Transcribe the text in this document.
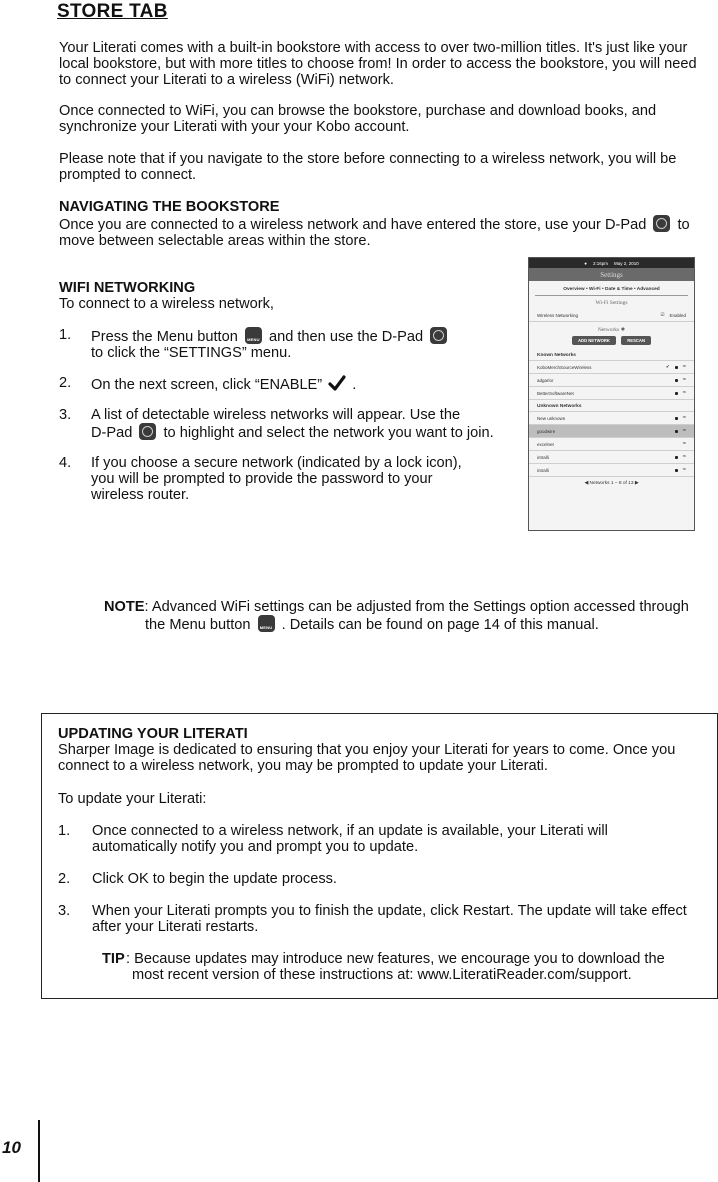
STORE TAB

Your Literati comes with a built-in bookstore with access to over two-million titles. It's just like your local bookstore, but with more titles to choose from! In order to access the bookstore, you will need to connect your Literati to a wireless (WiFi) network.

Once connected to WiFi, you can browse the bookstore, purchase and download books, and synchronize your Literati with your your Kobo account.

Please note that if you navigate to the store before connecting to a wireless network, you will be prompted to connect.

NAVIGATING THE BOOKSTORE

Once you are connected to a wireless network and have entered the store, use your D-Pad to move between selectable areas within the store.

WIFI NETWORKING

To connect to a wireless network,

1. Press the Menu button MENU and then use the D-Pad
to click the “SETTINGS” menu.
2. On the next screen, click “ENABLE” .
3. A list of detectable wireless networks will appear. Use the
D-Pad to highlight and select the network you want to join.
4. If you choose a secure network (indicated by a lock icon), you will be prompted to provide the password to your wireless router.
● 2:16pm May 2, 2010
Settings
Overview • Wi-Fi • Date & Time • Advanced
Wi-Fi Settings
Wireless Networking	☑ Enabled
Networks ✹
ADD NETWORK	RESCAN
Known Networks
KoboMerchSourceWireless	✔ ≈
adgarlor	≈
BetterSoftwareNet	≈
Unknown Networks
New unknown	≈
goodwire	≈
excelnet	≈
intralli	≈
intralli	≈
◀ Networks 1 – 8 of 13 ▶
NOTE: Advanced WiFi settings can be adjusted from the Settings option accessed through
the Menu button MENU . Details can be found on page 14 of this manual.
UPDATING YOUR LITERATI

Sharper Image is dedicated to ensuring that you enjoy your Literati for years to come. Once you connect to a wireless network, you may be prompted to update your Literati.

To update your Literati:

1. Once connected to a wireless network, if an update is available, your Literati will automatically notify you and prompt you to update.
2. Click OK to begin the update process.
3. When your Literati prompts you to finish the update, click Restart. The update will take effect after your Literati restarts.
TIP : Because updates may introduce new features, we encourage you to download the most recent version of these instructions at: www.LiteratiReader.com/support.
10
